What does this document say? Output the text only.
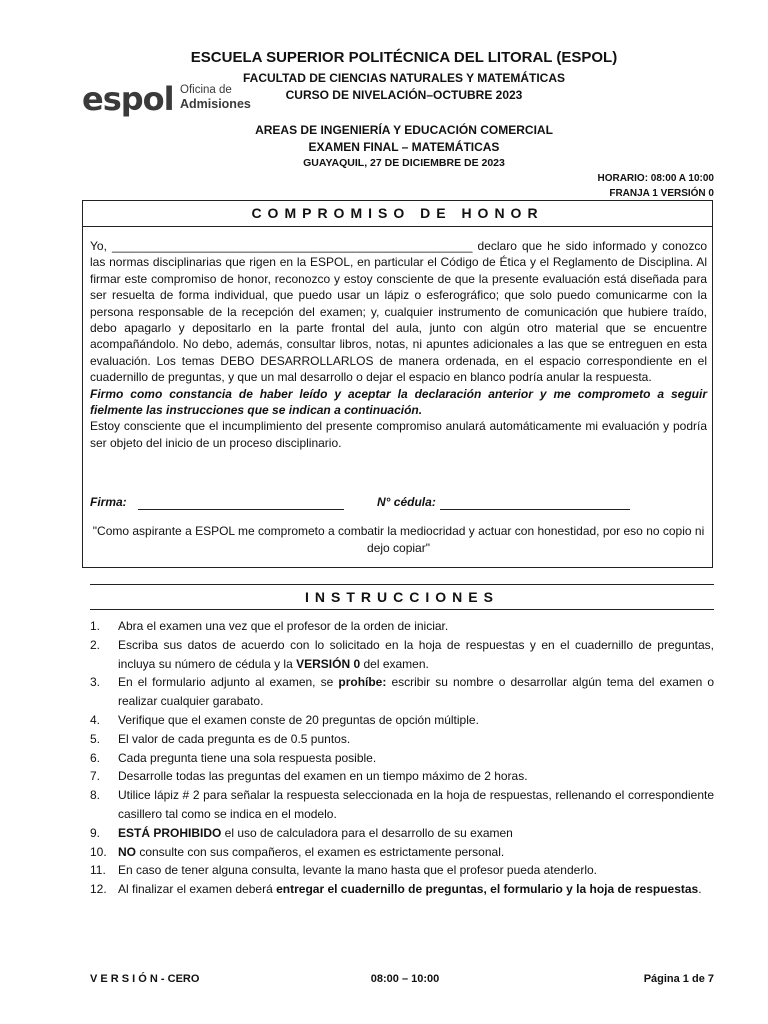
ESCUELA SUPERIOR POLITÉCNICA DEL LITORAL (ESPOL)
FACULTAD DE CIENCIAS NATURALES Y MATEMÁTICAS
CURSO DE NIVELACIÓN–OCTUBRE 2023
espol Oficina de
Admisiones
AREAS DE INGENIERÍA Y EDUCACIÓN COMERCIAL
EXAMEN FINAL – MATEMÁTICAS
GUAYAQUIL, 27 DE DICIEMBRE DE 2023
HORARIO: 08:00 A 10:00
FRANJA 1 VERSIÓN 0
COMPROMISO DE HONOR

Yo, ______________________________________________________ declaro que he sido informado y conozco las normas disciplinarias que rigen en la ESPOL, en particular el Código de Ética y el Reglamento de Disciplina. Al firmar este compromiso de honor, reconozco y estoy consciente de que la presente evaluación está diseñada para ser resuelta de forma individual, que puedo usar un lápiz o esferográfico; que solo puedo comunicarme con la persona responsable de la recepción del examen; y, cualquier instrumento de comunicación que hubiere traído, debo apagarlo y depositarlo en la parte frontal del aula, junto con algún otro material que se encuentre acompañándolo. No debo, además, consultar libros, notas, ni apuntes adicionales a las que se entreguen en esta evaluación. Los temas DEBO DESARROLLARLOS de manera ordenada, en el espacio correspondiente en el cuadernillo de preguntas, y que un mal desarrollo o dejar el espacio en blanco podría anular la respuesta.

Firmo como constancia de haber leído y aceptar la declaración anterior y me comprometo a seguir fielmente las instrucciones que se indican a continuación.

Estoy consciente que el incumplimiento del presente compromiso anulará automáticamente mi evaluación y podría ser objeto del inicio de un proceso disciplinario.

Firma:	N° cédula:
"Como aspirante a ESPOL me comprometo a combatir la mediocridad y actuar con honestidad, por eso no copio ni dejo copiar"
INSTRUCCIONES
1.	Abra el examen una vez que el profesor de la orden de iniciar.
2.	Escriba sus datos de acuerdo con lo solicitado en la hoja de respuestas y en el cuadernillo de preguntas, incluya su número de cédula y la VERSIÓN 0 del examen.
3.	En el formulario adjunto al examen, se prohíbe: escribir su nombre o desarrollar algún tema del examen o realizar cualquier garabato.
4.	Verifique que el examen conste de 20 preguntas de opción múltiple.
5.	El valor de cada pregunta es de 0.5 puntos.
6.	Cada pregunta tiene una sola respuesta posible.
7.	Desarrolle todas las preguntas del examen en un tiempo máximo de 2 horas.
8.	Utilice lápiz # 2 para señalar la respuesta seleccionada en la hoja de respuestas, rellenando el correspondiente casillero tal como se indica en el modelo.
9.	ESTÁ PROHIBIDO el uso de calculadora para el desarrollo de su examen
10. NO consulte con sus compañeros, el examen es estrictamente personal.
11.	En caso de tener alguna consulta, levante la mano hasta que el profesor pueda atenderlo.
12. Al finalizar el examen deberá entregar el cuadernillo de preguntas, el formulario y la hoja de respuestas.
V E R S I Ó N - CERO	08:00 – 10:00	Página 1 de 7
